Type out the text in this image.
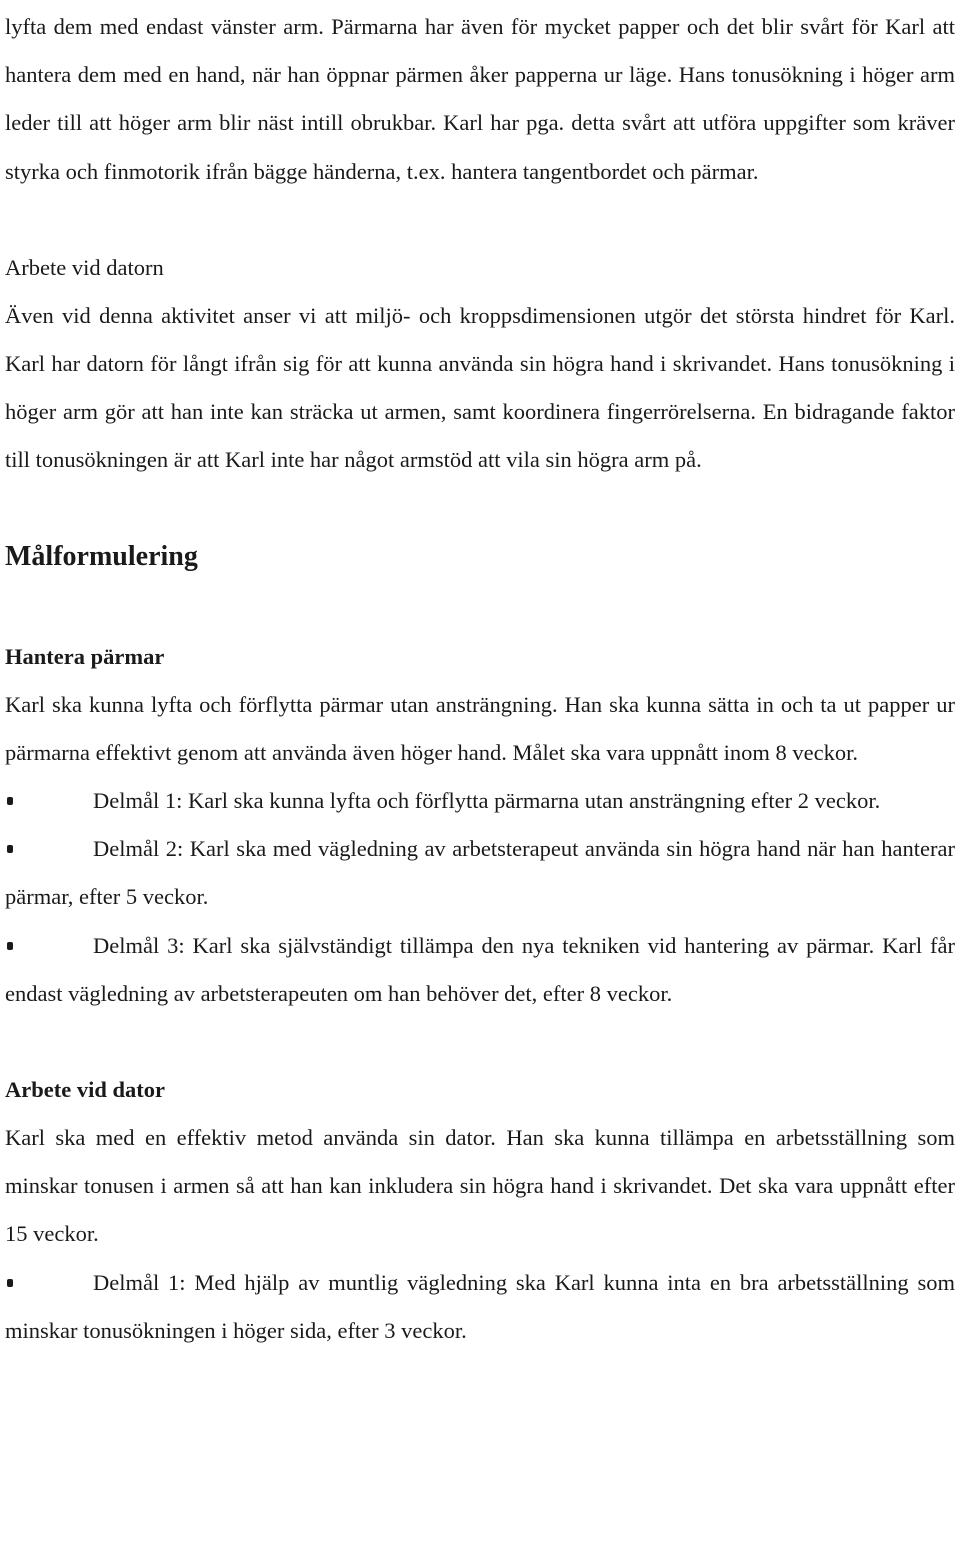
lyfta dem med endast vänster arm. Pärmarna har även för mycket papper och det blir svårt för Karl att hantera dem med en hand, när han öppnar pärmen åker papperna ur läge. Hans tonusökning i höger arm leder till att höger arm blir näst intill obrukbar. Karl har pga. detta svårt att utföra uppgifter som kräver styrka och finmotorik ifrån bägge händerna, t.ex. hantera tangentbordet och pärmar.

Arbete vid datorn

Även vid denna aktivitet anser vi att miljö- och kroppsdimensionen utgör det största hindret för Karl. Karl har datorn för långt ifrån sig för att kunna använda sin högra hand i skrivandet. Hans tonusökning i höger arm gör att han inte kan sträcka ut armen, samt koordinera fingerrörelserna. En bidragande faktor till tonusökningen är att Karl inte har något armstöd att vila sin högra arm på.

Målformulering
Hantera pärmar

Karl ska kunna lyfta och förflytta pärmar utan ansträngning. Han ska kunna sätta in och ta ut papper ur pärmarna effektivt genom att använda även höger hand. Målet ska vara uppnått inom 8 veckor.

Delmål 1: Karl ska kunna lyfta och förflytta pärmarna utan ansträngning efter 2 veckor.

Delmål 2: Karl ska med vägledning av arbetsterapeut använda sin högra hand när han hanterar pärmar, efter 5 veckor.

Delmål 3: Karl ska självständigt tillämpa den nya tekniken vid hantering av pärmar. Karl får endast vägledning av arbetsterapeuten om han behöver det, efter 8 veckor.

Arbete vid dator

Karl ska med en effektiv metod använda sin dator. Han ska kunna tillämpa en arbetsställning som minskar tonusen i armen så att han kan inkludera sin högra hand i skrivandet. Det ska vara uppnått efter 15 veckor.

Delmål 1: Med hjälp av muntlig vägledning ska Karl kunna inta en bra arbetsställning som minskar tonusökningen i höger sida, efter 3 veckor.
